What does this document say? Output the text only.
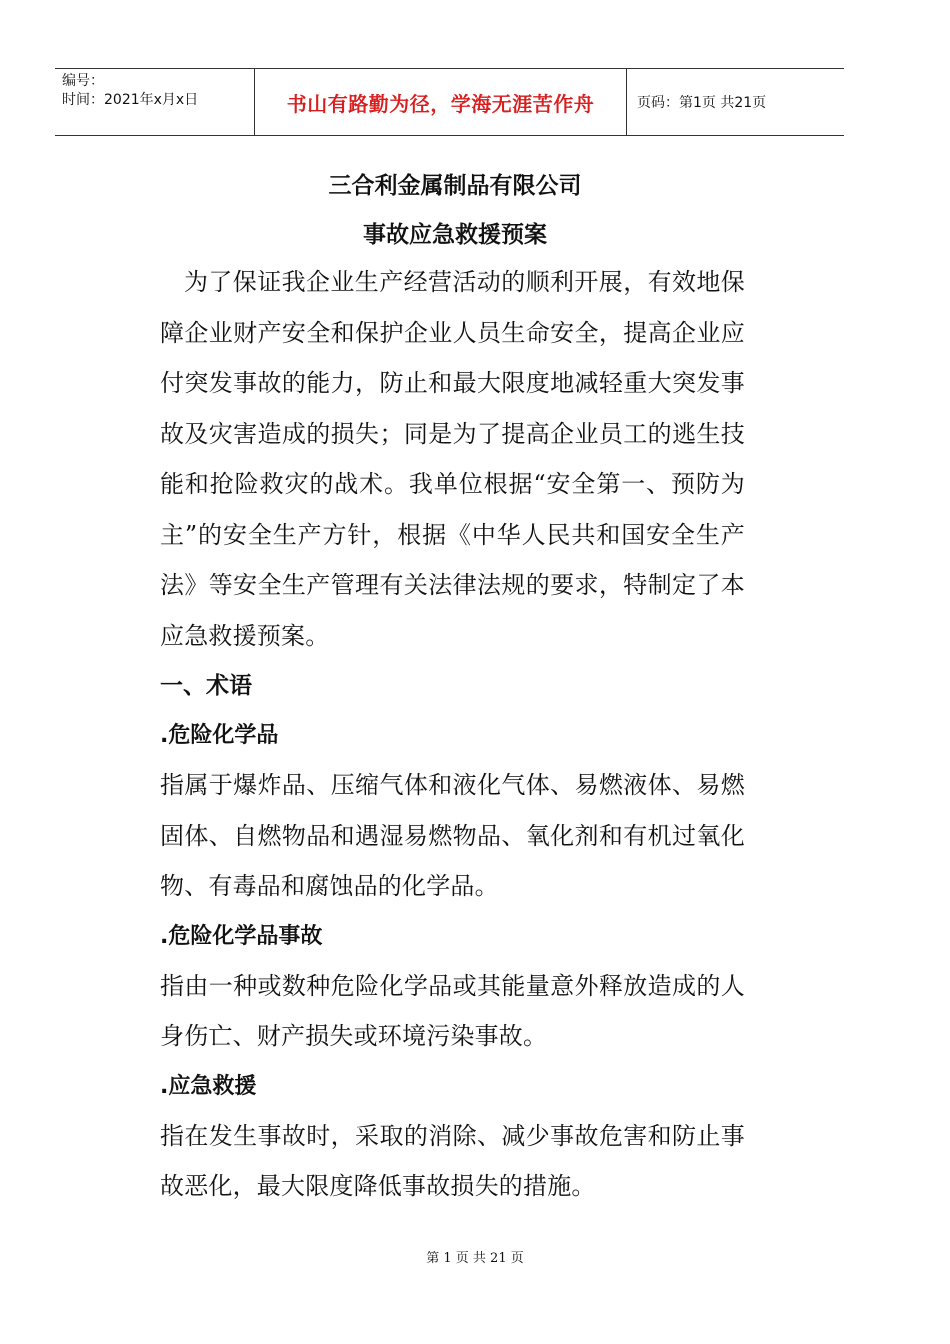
编号：
时间：2021年x月x日	书山有路勤为径，学海无涯苦作舟	页码：第1页 共21页
三合利金属制品有限公司
事故应急救援预案

为了保证我企业生产经营活动的顺利开展，有效地保障企业财产安全和保护企业人员生命安全，提高企业应付突发事故的能力，防止和最大限度地减轻重大突发事故及灾害造成的损失；同是为了提高企业员工的逃生技能和抢险救灾的战术。我单位根据“安全第一、预防为主”的安全生产方针，根据《中华人民共和国安全生产法》等安全生产管理有关法律法规的要求，特制定了本应急救援预案。

一、术语
.危险化学品

指属于爆炸品、压缩气体和液化气体、易燃液体、易燃固体、自燃物品和遇湿易燃物品、氧化剂和有机过氧化物、有毒品和腐蚀品的化学品。

.危险化学品事故

指由一种或数种危险化学品或其能量意外释放造成的人身伤亡、财产损失或环境污染事故。

.应急救援

指在发生事故时，采取的消除、减少事故危害和防止事故恶化，最大限度降低事故损失的措施。

第 1 页 共 21 页
